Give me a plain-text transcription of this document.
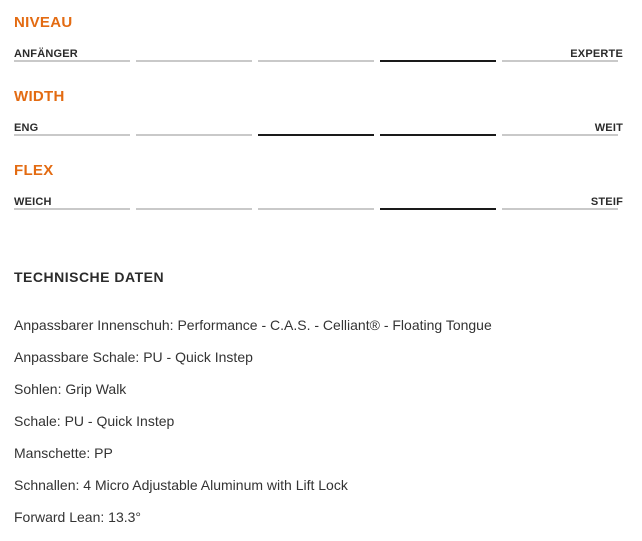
NIVEAU
ANFÄNGER	EXPERTE
WIDTH
ENG	WEIT
FLEX
WEICH	STEIF
TECHNISCHE DATEN
Anpassbarer Innenschuh: Performance - C.A.S. - Celliant® - Floating Tongue
Anpassbare Schale: PU - Quick Instep
Sohlen: Grip Walk
Schale: PU - Quick Instep
Manschette: PP
Schnallen: 4 Micro Adjustable Aluminum with Lift Lock
Forward Lean: 13.3°
